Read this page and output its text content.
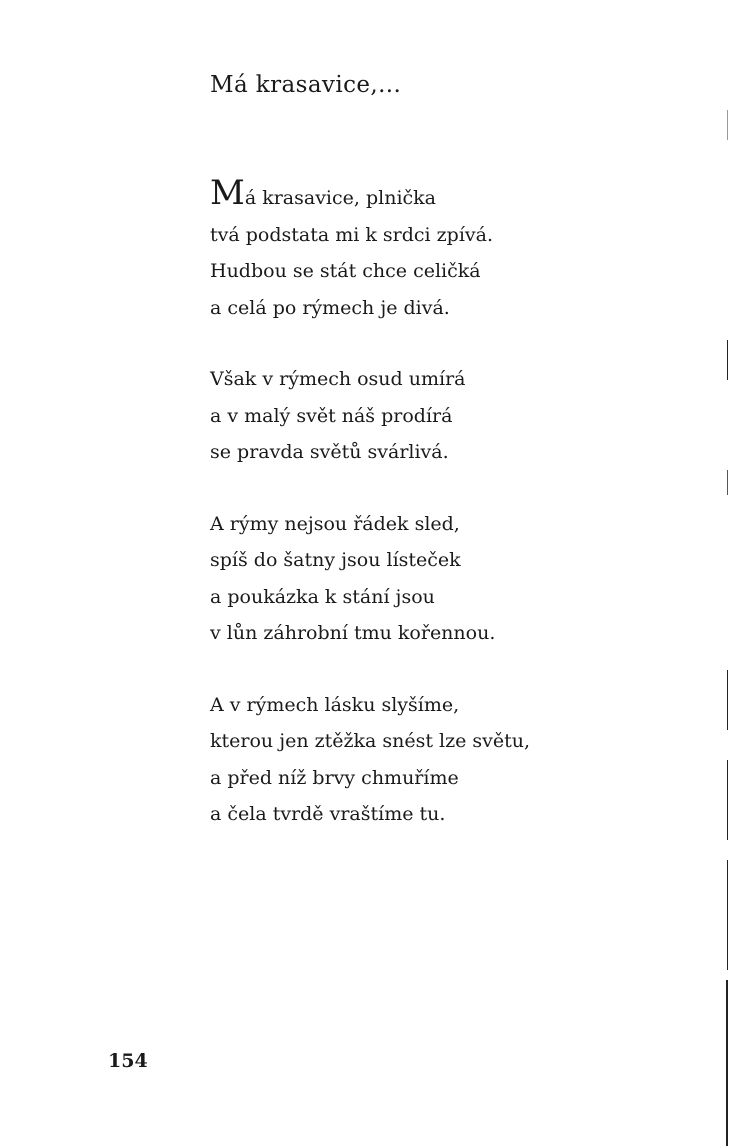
Má krasavice,...
Má krasavice, plnička
tvá podstata mi k srdci zpívá.
Hudbou se stát chce celičká
a celá po rýmech je divá.
Však v rýmech osud umírá
a v malý svět náš prodírá
se pravda světů svárlivá.
A rýmy nejsou řádek sled,
spíš do šatny jsou lísteček
a poukázka k stání jsou
v lůn záhrobní tmu kořennou.
A v rýmech lásku slyšíme,
kterou jen ztěžka snést lze světu,
a před níž brvy chmuříme
a čela tvrdě vraštíme tu.
154
